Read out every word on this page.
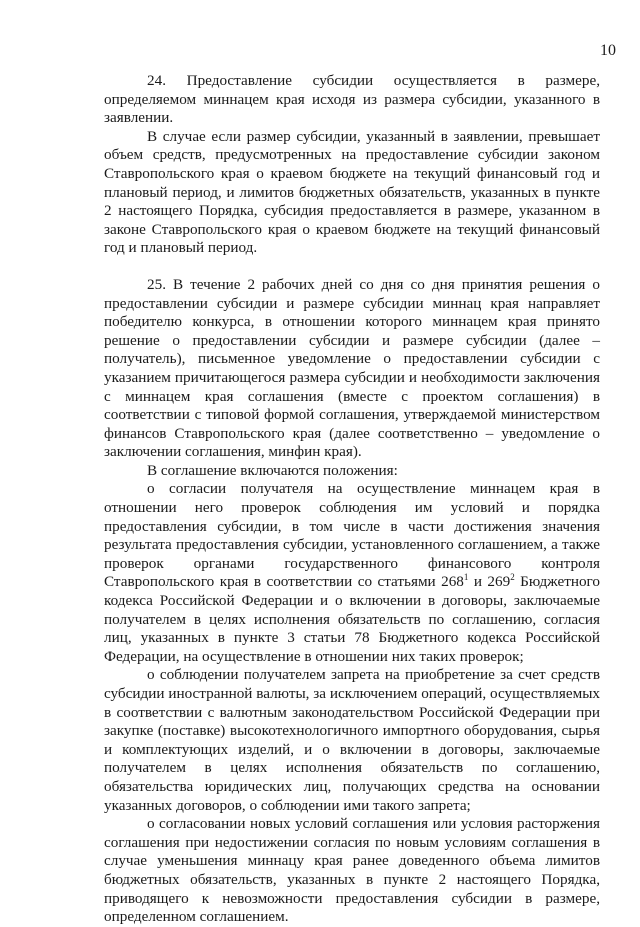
10

24. Предоставление субсидии осуществляется в размере, определяемом миннацем края исходя из размера субсидии, указанного в заявлении.

В случае если размер субсидии, указанный в заявлении, превышает объем средств, предусмотренных на предоставление субсидии законом Ставропольского края о краевом бюджете на текущий финансовый год и плановый период, и лимитов бюджетных обязательств, указанных в пункте 2 настоящего Порядка, субсидия предоставляется в размере, указанном в законе Ставропольского края о краевом бюджете на текущий финансовый год и плановый период.

25. В течение 2 рабочих дней со дня со дня принятия решения о предоставлении субсидии и размере субсидии миннац края направляет победителю конкурса, в отношении которого миннацем края принято решение о предоставлении субсидии и размере субсидии (далее – получатель), письменное уведомление о предоставлении субсидии с указанием причитающегося размера субсидии и необходимости заключения с миннацем края соглашения (вместе с проектом соглашения) в соответствии с типовой формой соглашения, утверждаемой министерством финансов Ставропольского края (далее соответственно – уведомление о заключении соглашения, минфин края).

В соглашение включаются положения:

о согласии получателя на осуществление миннацем края в отношении него проверок соблюдения им условий и порядка предоставления субсидии, в том числе в части достижения значения результата предоставления субсидии, установленного соглашением, а также проверок органами государственного финансового контроля Ставропольского края в соответствии со статьями $268^1$ и $269^2$ Бюджетного кодекса Российской Федерации и о включении в договоры, заключаемые получателем в целях исполнения обязательств по соглашению, согласия лиц, указанных в пункте 3 статьи 78 Бюджетного кодекса Российской Федерации, на осуществление в отношении них таких проверок;

о соблюдении получателем запрета на приобретение за счет средств субсидии иностранной валюты, за исключением операций, осуществляемых в соответствии с валютным законодательством Российской Федерации при закупке (поставке) высокотехнологичного импортного оборудования, сырья и комплектующих изделий, и о включении в договоры, заключаемые получателем в целях исполнения обязательств по соглашению, обязательства юридических лиц, получающих средства на основании указанных договоров, о соблюдении ими такого запрета;

о согласовании новых условий соглашения или условия расторжения соглашения при недостижении согласия по новым условиям соглашения в случае уменьшения миннацу края ранее доведенного объема лимитов бюджетных обязательств, указанных в пункте 2 настоящего Порядка, приводящего к невозможности предоставления субсидии в размере, определенном соглашением.
